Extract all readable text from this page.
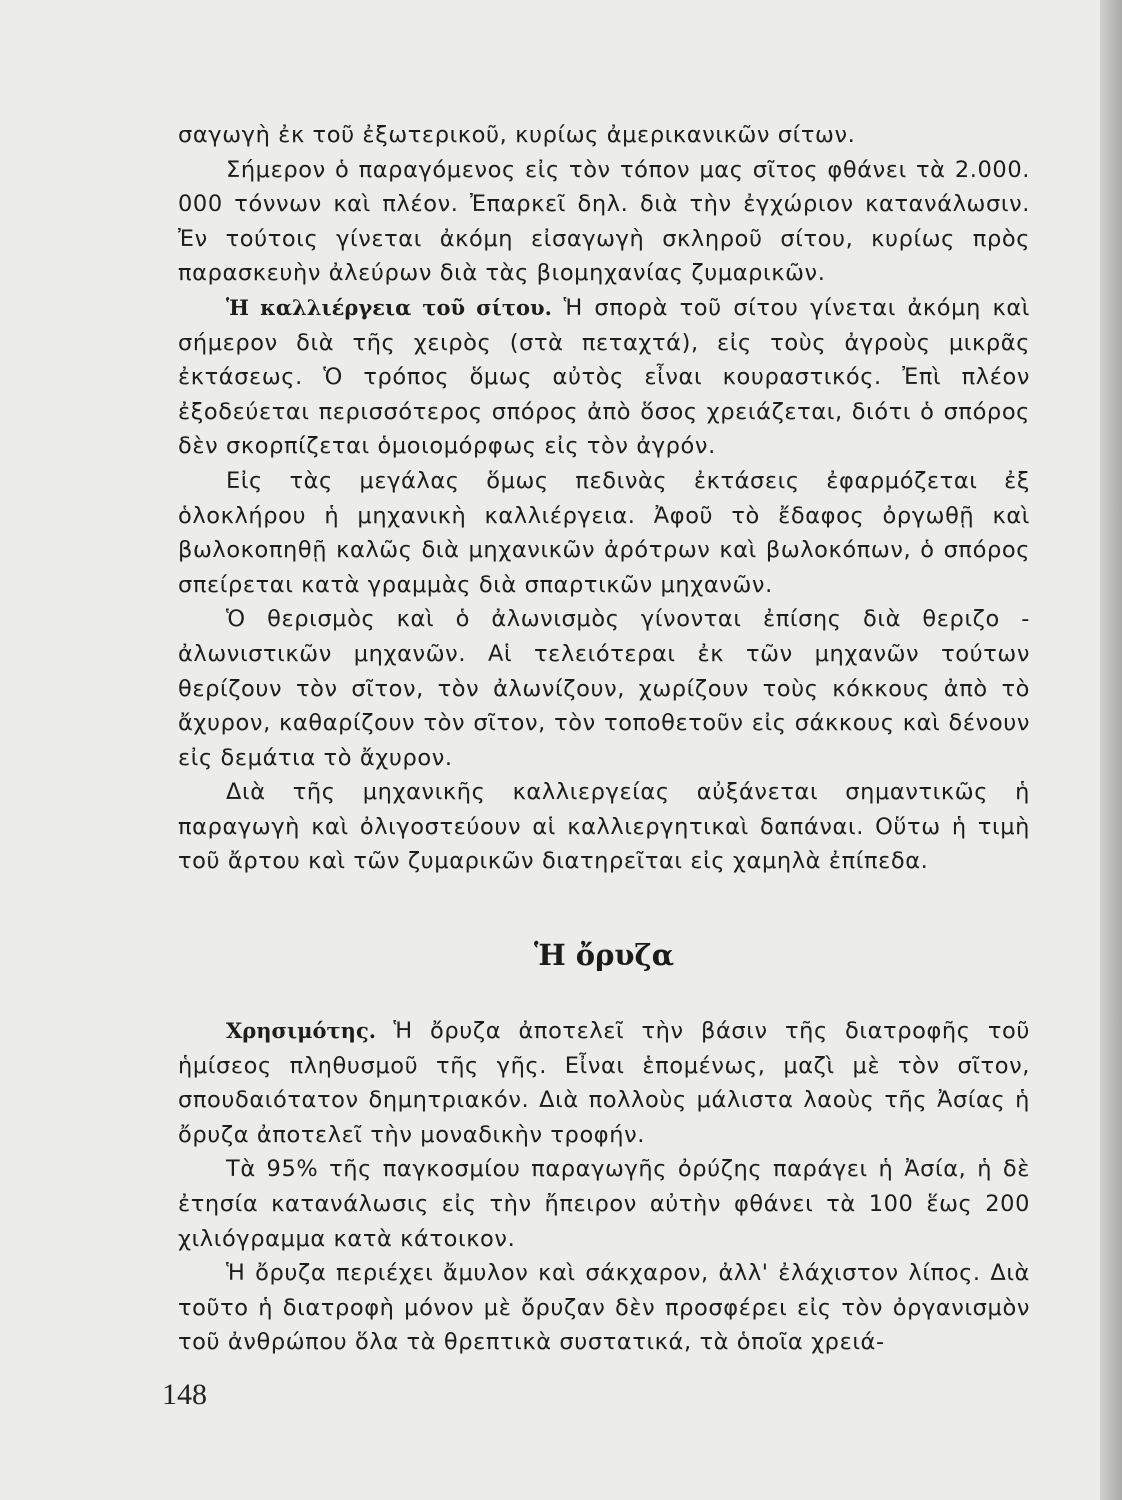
σαγωγὴ ἐκ τοῦ ἐξωτερικοῦ, κυρίως ἀμερικανικῶν σίτων.

Σήμερον ὁ παραγόμενος εἰς τὸν τόπον μας σῖτος φθάνει τὰ 2.000. 000 τόννων καὶ πλέον. Ἐπαρκεῖ δηλ. διὰ τὴν ἐγχώριον κατανάλωσιν. Ἐν τούτοις γίνεται ἀκόμη εἰσαγωγὴ σκληροῦ σίτου, κυρίως πρὸς παρασκευὴν ἀλεύρων διὰ τὰς βιομηχανίας ζυμαρικῶν.

Ἡ καλλιέργεια τοῦ σίτου. Ἡ σπορὰ τοῦ σίτου γίνεται ἀκόμη καὶ σήμερον διὰ τῆς χειρὸς (στὰ πεταχτά), εἰς τοὺς ἀγροὺς μικρᾶς ἐκτάσεως. Ὁ τρόπος ὅμως αὐτὸς εἶναι κουραστικός. Ἐπὶ πλέον ἐξοδεύεται περισσότερος σπόρος ἀπὸ ὅσος χρειάζεται, διότι ὁ σπόρος δὲν σκορπίζεται ὁμοιομόρφως εἰς τὸν ἀγρόν.

Εἰς τὰς μεγάλας ὅμως πεδινὰς ἐκτάσεις ἐφαρμόζεται ἐξ ὁλοκλήρου ἡ μηχανικὴ καλλιέργεια. Ἀφοῦ τὸ ἔδαφος ὀργωθῇ καὶ βωλοκοπηθῇ καλῶς διὰ μηχανικῶν ἀρότρων καὶ βωλοκόπων, ὁ σπόρος σπείρεται κατὰ γραμμὰς διὰ σπαρτικῶν μηχανῶν.

Ὁ θερισμὸς καὶ ὁ ἀλωνισμὸς γίνονται ἐπίσης διὰ θεριζο - ἀλωνιστικῶν μηχανῶν. Αἱ τελειότεραι ἐκ τῶν μηχανῶν τούτων θερίζουν τὸν σῖτον, τὸν ἀλωνίζουν, χωρίζουν τοὺς κόκκους ἀπὸ τὸ ἄχυρον, καθαρίζουν τὸν σῖτον, τὸν τοποθετοῦν εἰς σάκκους καὶ δένουν εἰς δεμάτια τὸ ἄχυρον.

Διὰ τῆς μηχανικῆς καλλιεργείας αὐξάνεται σημαντικῶς ἡ παραγωγὴ καὶ ὀλιγοστεύουν αἱ καλλιεργητικαὶ δαπάναι. Οὕτω ἡ τιμὴ τοῦ ἄρτου καὶ τῶν ζυμαρικῶν διατηρεῖται εἰς χαμηλὰ ἐπίπεδα.

Ἡ ὄρυζα

Χρησιμότης. Ἡ ὄρυζα ἀποτελεῖ τὴν βάσιν τῆς διατροφῆς τοῦ ἡμίσεος πληθυσμοῦ τῆς γῆς. Εἶναι ἑπομένως, μαζὶ μὲ τὸν σῖτον, σπουδαιότατον δημητριακόν. Διὰ πολλοὺς μάλιστα λαοὺς τῆς Ἀσίας ἡ ὄρυζα ἀποτελεῖ τὴν μοναδικὴν τροφήν.

Τὰ 95% τῆς παγκοσμίου παραγωγῆς ὀρύζης παράγει ἡ Ἀσία, ἡ δὲ ἐτησία κατανάλωσις εἰς τὴν ἤπειρον αὐτὴν φθάνει τὰ 100 ἕως 200 χιλιόγραμμα κατὰ κάτοικον.

Ἡ ὄρυζα περιέχει ἄμυλον καὶ σάκχαρον, ἀλλ' ἐλάχιστον λίπος. Διὰ τοῦτο ἡ διατροφὴ μόνον μὲ ὄρυζαν δὲν προσφέρει εἰς τὸν ὀργανισμὸν τοῦ ἀνθρώπου ὅλα τὰ θρεπτικὰ συστατικά, τὰ ὁποῖα χρειά-

148
